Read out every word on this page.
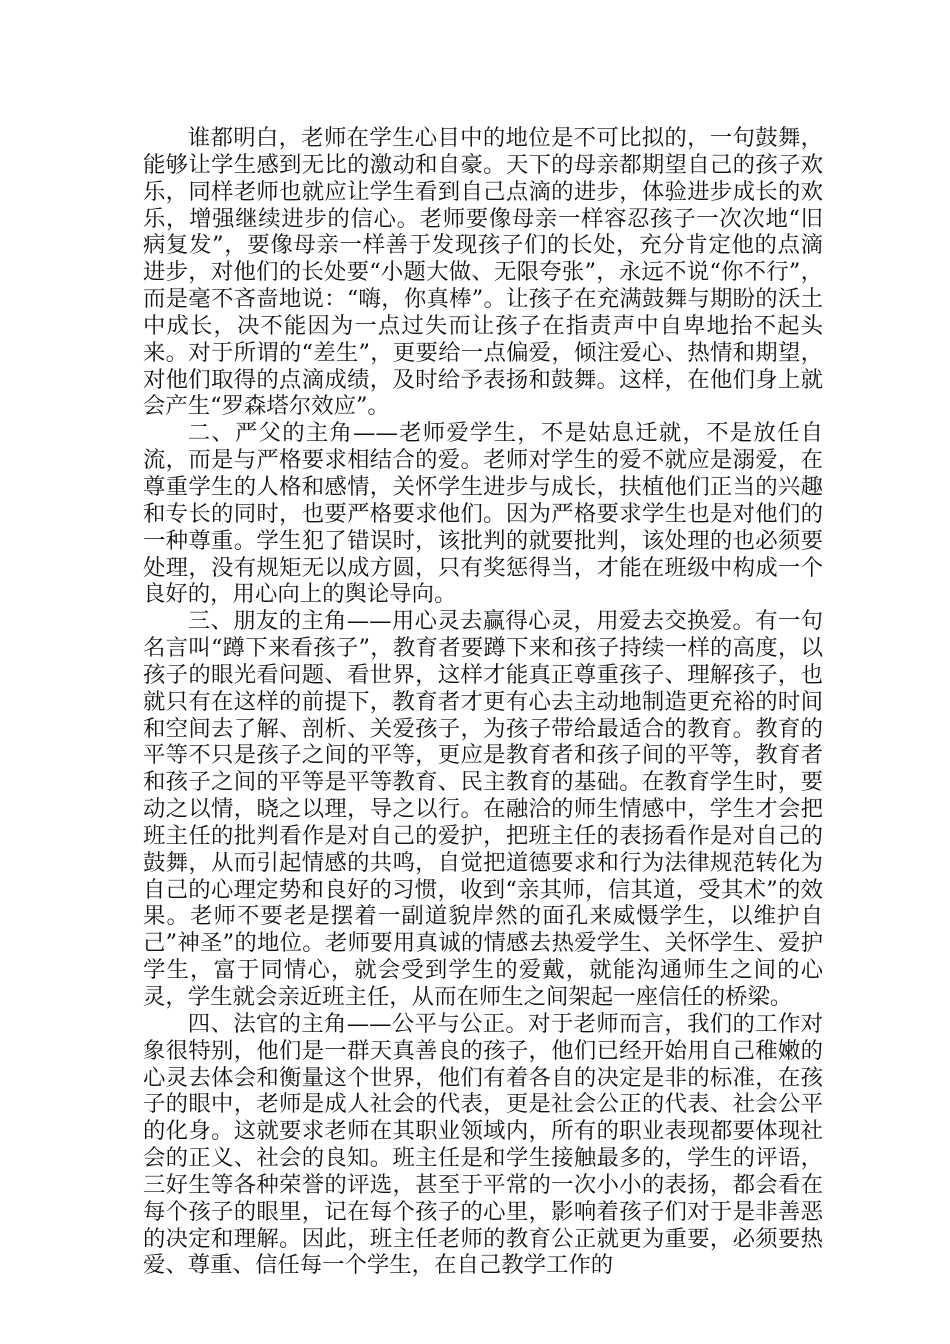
谁都明白，老师在学生心目中的地位是不可比拟的，一句鼓舞，能够让学生感到无比的激动和自豪。天下的母亲都期望自己的孩子欢乐，同样老师也就应让学生看到自己点滴的进步，体验进步成长的欢乐，增强继续进步的信心。老师要像母亲一样容忍孩子一次次地“旧病复发”，要像母亲一样善于发现孩子们的长处，充分肯定他的点滴进步，对他们的长处要“小题大做、无限夸张”，永远不说“你不行”，而是毫不吝啬地说：“嗨，你真棒”。让孩子在充满鼓舞与期盼的沃土中成长，决不能因为一点过失而让孩子在指责声中自卑地抬不起头来。对于所谓的“差生”，更要给一点偏爱，倾注爱心、热情和期望，对他们取得的点滴成绩，及时给予表扬和鼓舞。这样，在他们身上就会产生“罗森塔尔效应”。

二、严父的主角——老师爱学生，不是姑息迁就，不是放任自流，而是与严格要求相结合的爱。老师对学生的爱不就应是溺爱，在尊重学生的人格和感情，关怀学生进步与成长，扶植他们正当的兴趣和专长的同时，也要严格要求他们。因为严格要求学生也是对他们的一种尊重。学生犯了错误时，该批判的就要批判，该处理的也必须要处理，没有规矩无以成方圆，只有奖惩得当，才能在班级中构成一个良好的，用心向上的舆论导向。

三、朋友的主角——用心灵去赢得心灵，用爱去交换爱。有一句名言叫“蹲下来看孩子”，教育者要蹲下来和孩子持续一样的高度，以孩子的眼光看问题、看世界，这样才能真正尊重孩子、理解孩子，也就只有在这样的前提下，教育者才更有心去主动地制造更充裕的时间和空间去了解、剖析、关爱孩子，为孩子带给最适合的教育。教育的平等不只是孩子之间的平等，更应是教育者和孩子间的平等，教育者和孩子之间的平等是平等教育、民主教育的基础。在教育学生时，要动之以情，晓之以理，导之以行。在融洽的师生情感中，学生才会把班主任的批判看作是对自己的爱护，把班主任的表扬看作是对自己的鼓舞，从而引起情感的共鸣，自觉把道德要求和行为法律规范转化为自己的心理定势和良好的习惯，收到“亲其师，信其道，受其术”的效果。老师不要老是摆着一副道貌岸然的面孔来威慑学生，以维护自己”神圣”的地位。老师要用真诚的情感去热爱学生、关怀学生、爱护学生，富于同情心，就会受到学生的爱戴，就能沟通师生之间的心灵，学生就会亲近班主任，从而在师生之间架起一座信任的桥梁。

四、法官的主角——公平与公正。对于老师而言，我们的工作对象很特别，他们是一群天真善良的孩子，他们已经开始用自己稚嫩的心灵去体会和衡量这个世界，他们有着各自的决定是非的标准，在孩子的眼中，老师是成人社会的代表，更是社会公正的代表、社会公平的化身。这就要求老师在其职业领域内，所有的职业表现都要体现社会的正义、社会的良知。班主任是和学生接触最多的，学生的评语，三好生等各种荣誉的评选，甚至于平常的一次小小的表扬，都会看在每个孩子的眼里，记在每个孩子的心里，影响着孩子们对于是非善恶的决定和理解。因此，班主任老师的教育公正就更为重要，必须要热爱、尊重、信任每一个学生，在自己教学工作的
